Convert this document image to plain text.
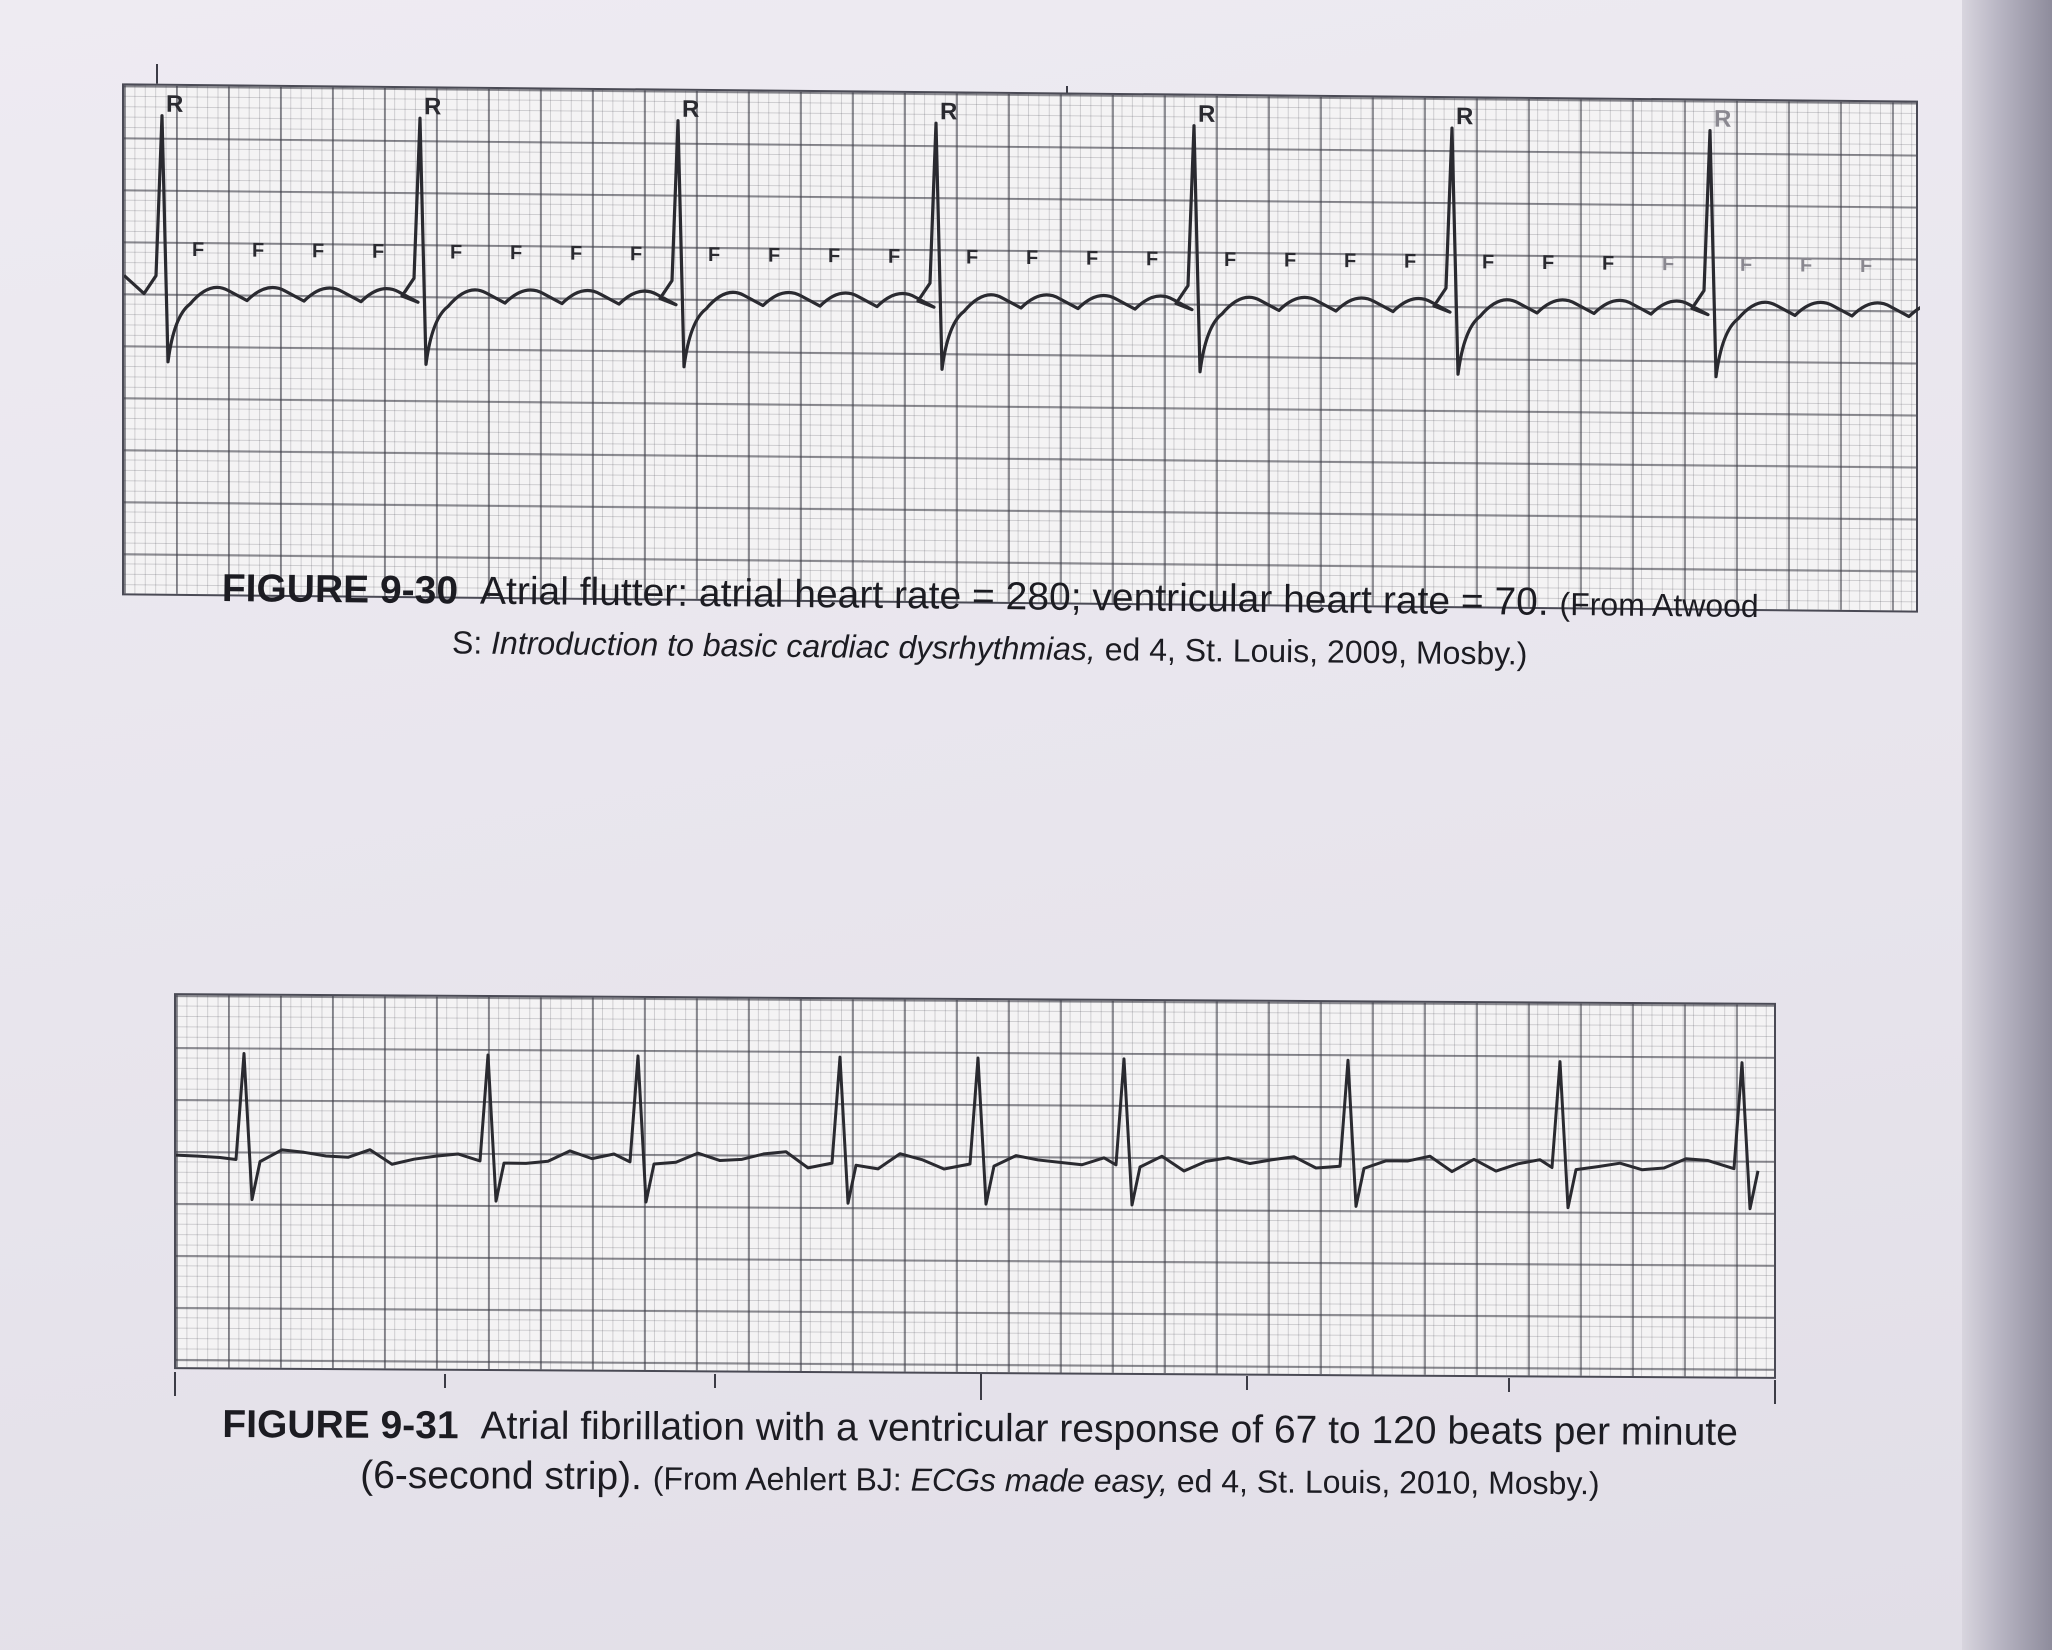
R
F F F F
R
F F F F
R
F F F F
R
F F F F
R
F F F F
R
F F F F
R
F F F
FIGURE 9-30 Atrial flutter: atrial heart rate = 280; ventricular heart rate = 70. (From Atwood S: Introduction to basic cardiac dysrhythmias, ed 4, St. Louis, 2009, Mosby.)
FIGURE 9-31 Atrial fibrillation with a ventricular response of 67 to 120 beats per minute (6-second strip). (From Aehlert BJ: ECGs made easy, ed 4, St. Louis, 2010, Mosby.)
